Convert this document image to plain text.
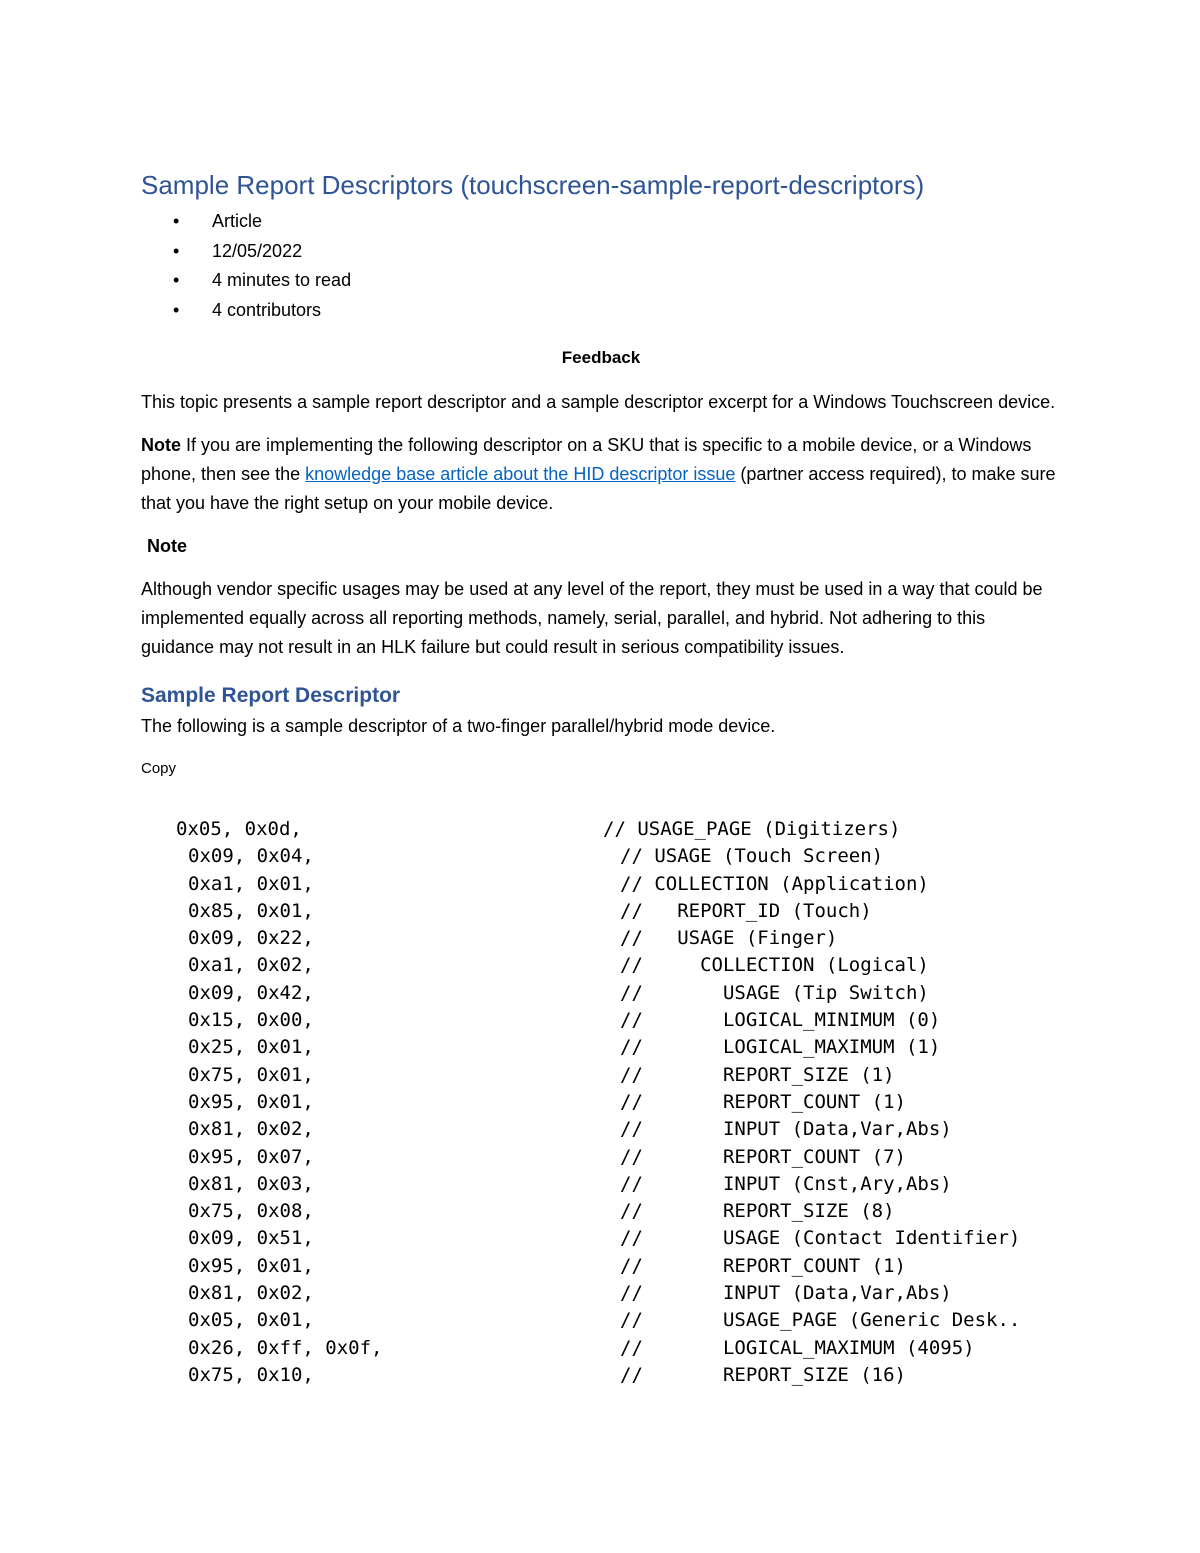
Sample Report Descriptors (touchscreen-sample-report-descriptors)
• Article
• 12/05/2022
• 4 minutes to read
• 4 contributors
Feedback

This topic presents a sample report descriptor and a sample descriptor excerpt for a Windows Touchscreen device.

Note If you are implementing the following descriptor on a SKU that is specific to a mobile device, or a Windows phone, then see the knowledge base article about the HID descriptor issue (partner access required), to make sure that you have the right setup on your mobile device.

Note

Although vendor specific usages may be used at any level of the report, they must be used in a way that could be implemented equally across all reporting methods, namely, serial, parallel, and hybrid. Not adhering to this guidance may not result in an HLK failure but could result in serious compatibility issues.

Sample Report Descriptor

The following is a sample descriptor of a two-finger parallel/hybrid mode device.

Copy
0x05, 0x0d,	// USAGE_PAGE (Digitizers)
0x09, 0x04,	// USAGE (Touch Screen)
0xa1, 0x01,	// COLLECTION (Application)
0x85, 0x01,	//   REPORT_ID (Touch)
0x09, 0x22,	//   USAGE (Finger)
0xa1, 0x02,	//     COLLECTION (Logical)
0x09, 0x42,	//       USAGE (Tip Switch)
0x15, 0x00,	//       LOGICAL_MINIMUM (0)
0x25, 0x01,	//       LOGICAL_MAXIMUM (1)
0x75, 0x01,	//       REPORT_SIZE (1)
0x95, 0x01,	//       REPORT_COUNT (1)
0x81, 0x02,	//       INPUT (Data,Var,Abs)
0x95, 0x07,	//       REPORT_COUNT (7)
0x81, 0x03,	//       INPUT (Cnst,Ary,Abs)
0x75, 0x08,	//       REPORT_SIZE (8)
0x09, 0x51,	//       USAGE (Contact Identifier)
0x95, 0x01,	//       REPORT_COUNT (1)
0x81, 0x02,	//       INPUT (Data,Var,Abs)
0x05, 0x01,	//       USAGE_PAGE (Generic Desk..
0x26, 0xff, 0x0f,	//       LOGICAL_MAXIMUM (4095)
0x75, 0x10,	//       REPORT_SIZE (16)
